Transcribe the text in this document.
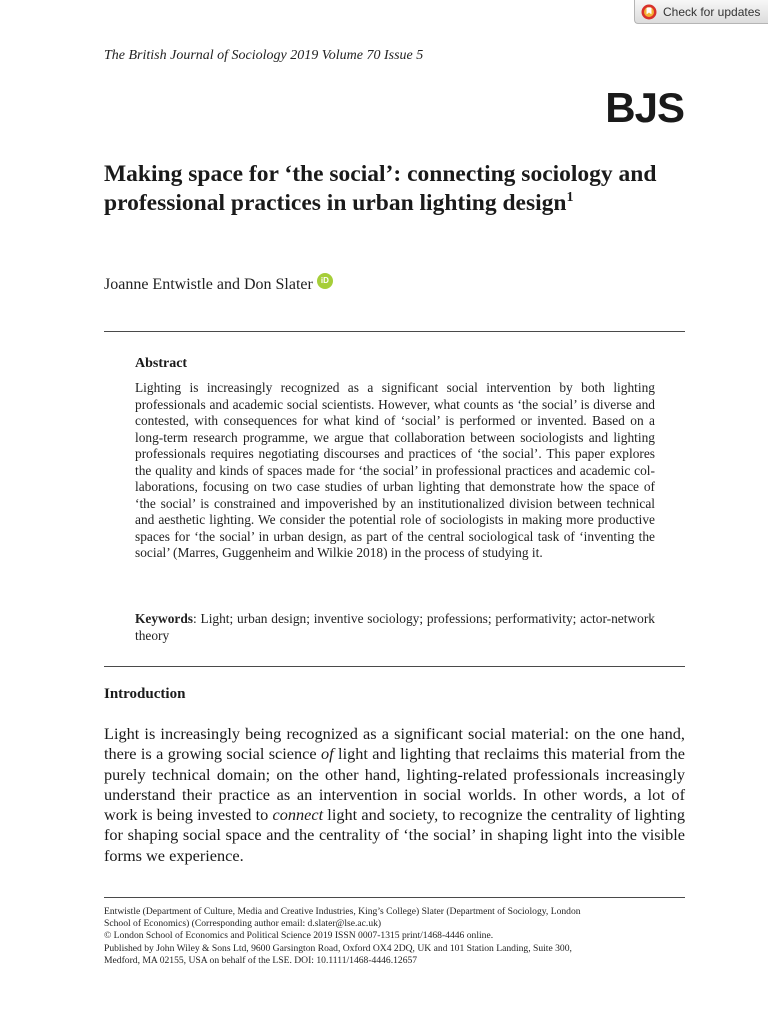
Check for updates
The British Journal of Sociology 2019 Volume 70 Issue 5
BJS
Making space for ‘the social’: connecting sociology and professional practices in urban lighting design$^1$
Joanne Entwistle and Don Slater	iD
Abstract
Lighting is increasingly recognized as a significant social intervention by both lighting professionals and academic social scientists. However, what counts as ‘the social’ is diverse and contested, with consequences for what kind of ‘social’ is performed or invented. Based on a long-term research programme, we argue that collaboration between sociologists and lighting professionals requires negotiating discourses and practices of ‘the social’. This paper explores the quality and kinds of spaces made for ‘the social’ in professional practices and academic collaborations, focusing on two case studies of urban lighting that demonstrate how the space of ‘the social’ is constrained and impoverished by an institutionalized division between technical and aesthetic lighting. We consider the potential role of sociologists in making more productive spaces for ‘the social’ in urban design, as part of the central sociological task of ‘inventing the social’ (Marres, Guggenheim and Wilkie 2018) in the process of studying it.
Keywords: Light; urban design; inventive sociology; professions; performativity; actor-network theory
Introduction
Light is increasingly being recognized as a significant social material: on the one hand, there is a growing social science of light and lighting that reclaims this material from the purely technical domain; on the other hand, lighting-related professionals increasingly understand their practice as an intervention in social worlds. In other words, a lot of work is being invested to connect light and society, to recognize the centrality of lighting for shaping social space and the centrality of ‘the social’ in shaping light into the visible forms we experience.
Entwistle (Department of Culture, Media and Creative Industries, King’s College) Slater (Department of Sociology, London
School of Economics) (Corresponding author email: d.slater@lse.ac.uk)
© London School of Economics and Political Science 2019 ISSN 0007-1315 print/1468-4446 online.
Published by John Wiley & Sons Ltd, 9600 Garsington Road, Oxford OX4 2DQ, UK and 101 Station Landing, Suite 300,
Medford, MA 02155, USA on behalf of the LSE. DOI: 10.1111/1468-4446.12657
